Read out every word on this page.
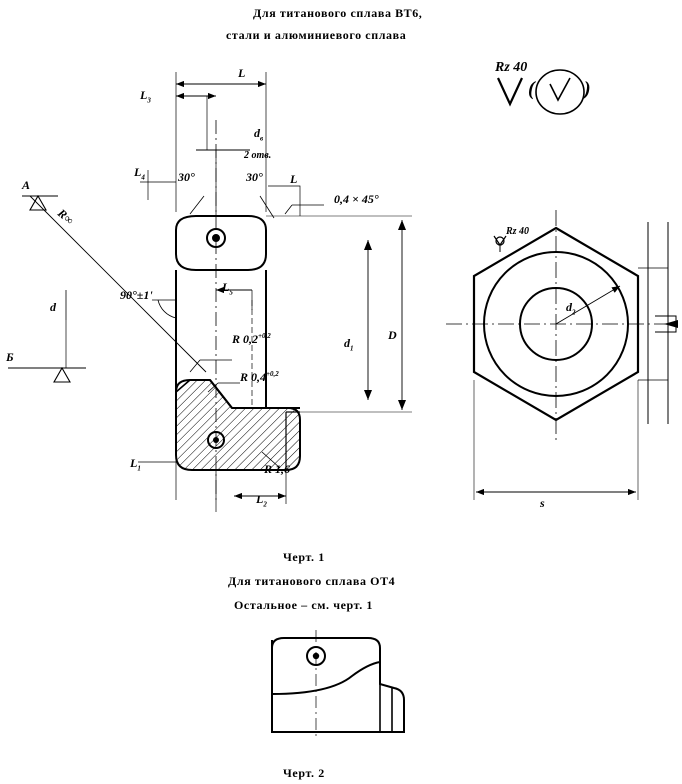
Для титанового сплава ВТ6,
стали и алюминиевого сплава
Rz 40
( )
L
$L_3$
$L_4$
$d_в$
2 отв.
30°	30° L
0,4 × 45°
А
Б
R∞
d
90°±1'
$L_5$
R $0,2^{+0,2}$
R $0,4^{+0,2}$
R 1,6
$d_1$
D
$L_1$
$L_2$
Rz 40
$d_2$
s
Черт. 1
Для титанового сплава ОТ4
Остальное – см. черт. 1
Черт. 2
